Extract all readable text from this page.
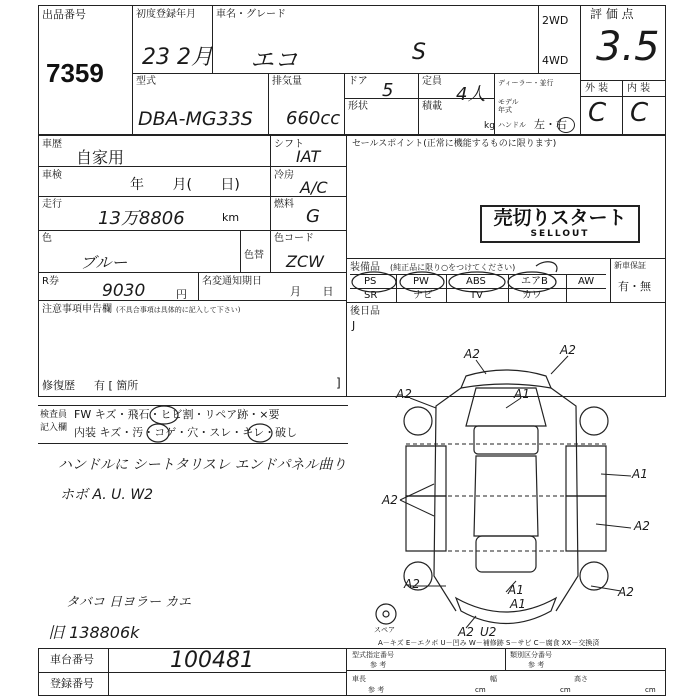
出品番号
7359
初度登録年月
23 2月
車名・グレード
エコ	S
2WD
4WD
評 価 点
3.5
外 装 内 装
C C
型式
DBA-MG33S
排気量
660cc
ドア 5	定員
4人
形状	積載
kg
ディーラー・並行
モデル年式
ハンドル 左・右
車歴
自家用
車検
年 月( 日)
走行
13万8806	km
色
ブルー	色替
R券	9030	円
名変通知期日
月 日
注意事項申告欄 (不具合事項は具体的に記入して下さい)
修復歴 有 [ 箇所	]
シフト
IAT
冷房
A/C
燃料
G
色コード
ZCW
セールスポイント(正常に機能するものに限ります)
売切りスタート
SELLOUT
装備品 (純正品に限り○をつけてください)	新車保証
有・無
PS	PW	ABS	エアB	AW
SR	ナビ	TV	カワ
後日品
J
検査員記入欄
FW キズ・飛石・ヒビ割・リペア跡・×要
内装 キズ・汚・コゲ・穴・スレ・キレ・破し
ハンドルに シートタリスレ エンドパネル曲り
ホボ A. U. W2
タバコ 日ヨラー カエ
旧 138806k
A2	A2
A2	A1
A2
A1
A2
A2	A1
A1
A2
A2 U2
スペア
A－キズ E－エクボ U－凹み W－補修跡 S－サビ C－腐食 XX－交換済
車台番号	100481
登録番号
型式指定番号
参 考
類別区分番号
参 考
車長
参 考	cm
幅
cm
高さ
cm
